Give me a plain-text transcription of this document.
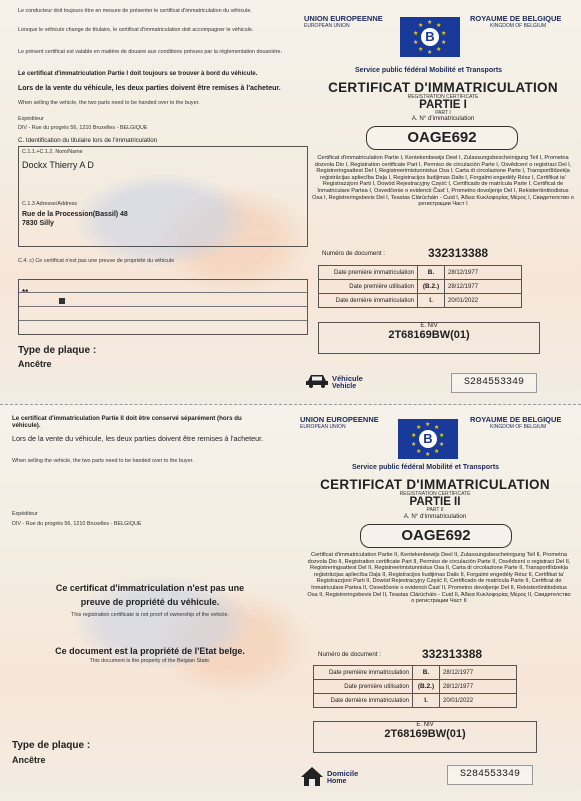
Le conducteur doit toujours être en mesure de présenter le certificat d'immatriculation du véhicule.
Lorsque le véhicule change de titulaire, le certificat d'immatriculation doit accompagner le véhicule.
Le présent certificat est valable en matière de douane aux conditions prévues par la réglementation douanière.
Le certificat d'immatriculation Partie I doit toujours se trouver à bord du véhicule.
Lors de la vente du véhicule, les deux parties doivent être remises à l'acheteur.
When selling the vehicle, the two parts need to be handed over to the buyer.
Expéditeur
DIV - Rue du progrès 56, 1210 Bruxelles - BELGIQUE
C. Identification du titulaire lors de l'immatriculation
C.1.1.+C.1.2. Nom/Name
Dockx Thierry A D
C.1.3 Adresse/Address
Rue de la Procession(Bassil) 48
7830 Silly
C.4. c) Ce certificat n'est pas une preuve de propriété du véhicule
**
Type de plaque :
Ancêtre
UNION EUROPEENNE
EUROPEAN UNION	★ ★
★
★
★
★
★
★
★
★
B
ROYAUME DE BELGIQUE
KINGDOM OF BELGIUM
Service public fédéral Mobilité et Transports
CERTIFICAT D'IMMATRICULATION
REGISTRATION CERTIFICATE
PARTIE I
PART I
A. N° d'immatriculation
OAGE692
Certificat d'immatriculation Partie I, Kentekenbewijs Deel I, Zulassungsbescheinigung Teil I, Prometna dozvola Dio I, Registration certificate Part I, Permiso de circulación Parte I, Osvědcení o registraci Del I, Registreringsattest Del I, Registreerimistunnistus Osa I, Carta di circolazione Parte I, Transportlīdzekļa reģistrācijas apliecība Daļa I, Registracijos liudijimas Dalis I, Forgalmi engedély Rész I, Certifikat ta' Registrazzjoni Parti I, Dowód Rejestracyjny Część I, Certificado de matrícula Parte I, Certificat de înmatriculare Partea I, Osvedčenie o evidencii Časť I, Prometno dovoljenje Del I, Rekisteröintitodistus Osa I, Registreringsbevis Del I, Teastas Clárúcháin - Cuid I, Άδεια Κυκλοφορίας Μέρος Ι, Свидетелство о регистрации Част I
Numéro de document :	332313388
Date première immatriculation	B.	28/12/1977
Date première utilisation	(B.2.)	28/12/1977
Date dernière immatriculation	I.	20/01/2022
E. NIV
2T68169BW(01)
Véhicule
Vehicle	S284553349
Le certificat d'immatriculation Partie II doit être conservé séparément (hors du véhicule).
Lors de la vente du véhicule, les deux parties doivent être remises à l'acheteur.
When selling the vehicle, the two parts need to be handed over to the buyer.
Expéditeur
DIV - Rue du progrès 56, 1210 Bruxelles - BELGIQUE
Ce certificat d'immatriculation n'est pas une
preuve de propriété du véhicule.
This registration certificate is not proof of ownership of the vehicle.
Ce document est la propriété de l'Etat belge.
This document is the property of the Belgian State.
Type de plaque :
Ancêtre
UNION EUROPEENNE
EUROPEAN UNION	★ ★
★
★
★
★
★
★
★
★
B
ROYAUME DE BELGIQUE
KINGDOM OF BELGIUM
Service public fédéral Mobilité et Transports
CERTIFICAT D'IMMATRICULATION
REGISTRATION CERTIFICATE
PARTIE II
PART II
A. N° d'immatriculation
OAGE692
Certificat d'immatriculation Partie II, Kentekenbewijs Deel II, Zulassungsbescheinigung Teil II, Prometna dozvola Dio II, Registration certificate Part II, Permiso de circulación Parte II, Osvědcení o registraci Del II, Registreringsattest Del II, Registreerimistunnistus Osa II, Carta di circolazione Parte II, Transportlīdzekļa reģistrācijas apliecība Daļa II, Registracijos liudijimas Dalis II, Forgalmi engedély Rész II, Certifikat ta' Registrazzjoni Parti II, Dowód Rejestracyjny Część II, Certificado de matrícula Parte II, Certificat de înmatriculare Partea II, Osvedčenie o evidencii Časť II, Prometno dovoljenje Del II, Rekisteröintitodistus Osa II, Registreringsbevis Del II, Teastas Clárúcháin - Cuid II, Άδεια Κυκλοφορίας Μέρος ΙΙ, Свидетелство о регистрации Част II
Numéro de document :	332313388
Date première immatriculation	B.	28/12/1977
Date première utilisation	(B.2.)	28/12/1977
Date dernière immatriculation	I.	20/01/2022
E. NIV
2T68169BW(01)
Domicile
Home
S284553349
